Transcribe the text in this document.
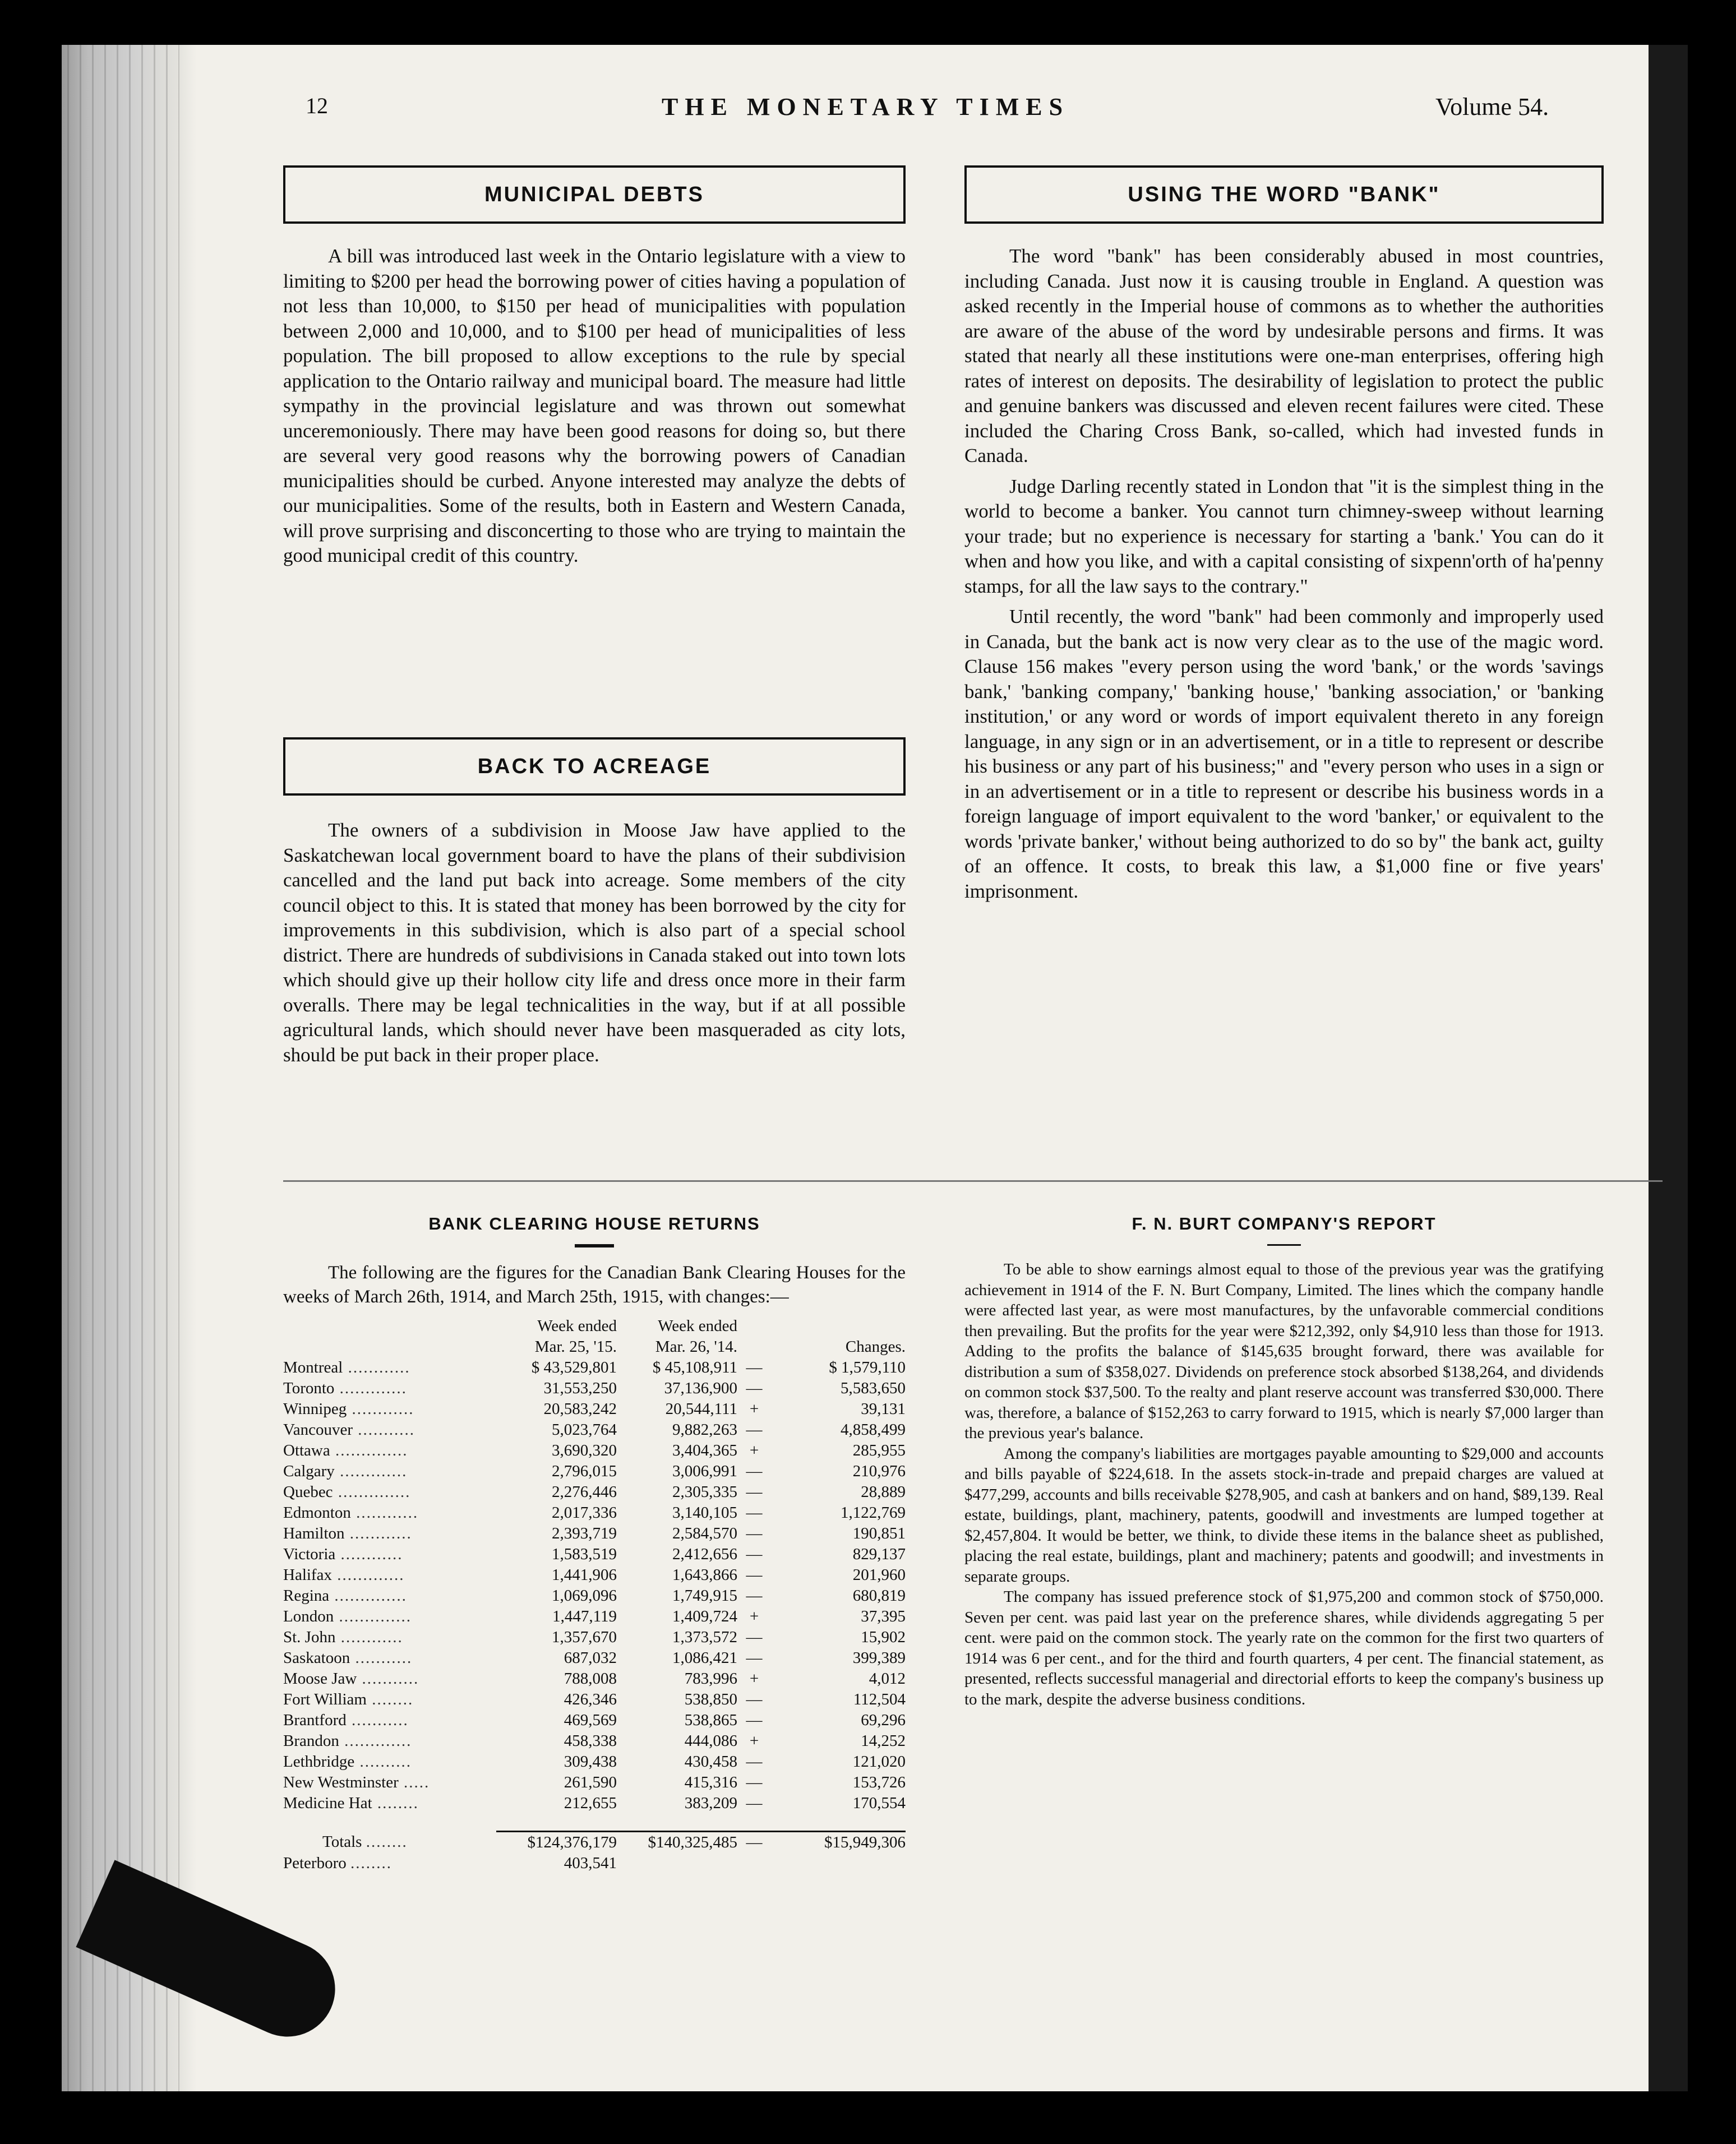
12	THE MONETARY TIMES	Volume 54.
MUNICIPAL DEBTS

A bill was introduced last week in the Ontario legislature with a view to limiting to $200 per head the borrowing power of cities having a population of not less than 10,000, to $150 per head of municipalities with population between 2,000 and 10,000, and to $100 per head of municipalities of less population. The bill proposed to allow exceptions to the rule by special application to the Ontario railway and municipal board. The measure had little sympathy in the provincial legislature and was thrown out somewhat unceremoniously. There may have been good reasons for doing so, but there are several very good reasons why the borrowing powers of Canadian municipalities should be curbed. Anyone interested may analyze the debts of our municipalities. Some of the results, both in Eastern and Western Canada, will prove surprising and disconcerting to those who are trying to maintain the good municipal credit of this country.

BACK TO ACREAGE

The owners of a subdivision in Moose Jaw have applied to the Saskatchewan local government board to have the plans of their subdivision cancelled and the land put back into acreage. Some members of the city council object to this. It is stated that money has been borrowed by the city for improvements in this subdivision, which is also part of a special school district. There are hundreds of subdivisions in Canada staked out into town lots which should give up their hollow city life and dress once more in their farm overalls. There may be legal technicalities in the way, but if at all possible agricultural lands, which should never have been masqueraded as city lots, should be put back in their proper place.

USING THE WORD "BANK"

The word "bank" has been considerably abused in most countries, including Canada. Just now it is causing trouble in England. A question was asked recently in the Imperial house of commons as to whether the authorities are aware of the abuse of the word by undesirable persons and firms. It was stated that nearly all these institutions were one-man enterprises, offering high rates of interest on deposits. The desirability of legislation to protect the public and genuine bankers was discussed and eleven recent failures were cited. These included the Charing Cross Bank, so-called, which had invested funds in Canada.

Judge Darling recently stated in London that "it is the simplest thing in the world to become a banker. You cannot turn chimney-sweep without learning your trade; but no experience is necessary for starting a 'bank.' You can do it when and how you like, and with a capital consisting of sixpenn'orth of ha'penny stamps, for all the law says to the contrary."

Until recently, the word "bank" had been commonly and improperly used in Canada, but the bank act is now very clear as to the use of the magic word. Clause 156 makes "every person using the word 'bank,' or the words 'savings bank,' 'banking company,' 'banking house,' 'banking association,' or 'banking institution,' or any word or words of import equivalent thereto in any foreign language, in any sign or in an advertisement, or in a title to represent or describe his business or any part of his business;" and "every person who uses in a sign or in an advertisement or in a title to represent or describe his business words in a foreign language of import equivalent to the word 'banker,' or equivalent to the words 'private banker,' without being authorized to do so by" the bank act, guilty of an offence. It costs, to break this law, a $1,000 fine or five years' imprisonment.

BANK CLEARING HOUSE RETURNS

The following are the figures for the Canadian Bank Clearing Houses for the weeks of March 26th, 1914, and March 25th, 1915, with changes:—

	Week ended	Week ended		
	Mar. 25, '15.	Mar. 26, '14.		Changes.
Montreal ............	$ 43,529,801	$ 45,108,911	—	$ 1,579,110
Toronto .............	31,553,250	37,136,900	—	5,583,650
Winnipeg ............	20,583,242	20,544,111	+	39,131
Vancouver ...........	5,023,764	9,882,263	—	4,858,499
Ottawa ..............	3,690,320	3,404,365	+	285,955
Calgary .............	2,796,015	3,006,991	—	210,976
Quebec ..............	2,276,446	2,305,335	—	28,889
Edmonton ............	2,017,336	3,140,105	—	1,122,769
Hamilton ............	2,393,719	2,584,570	—	190,851
Victoria ............	1,583,519	2,412,656	—	829,137
Halifax .............	1,441,906	1,643,866	—	201,960
Regina ..............	1,069,096	1,749,915	—	680,819
London ..............	1,447,119	1,409,724	+	37,395
St. John ............	1,357,670	1,373,572	—	15,902
Saskatoon ...........	687,032	1,086,421	—	399,389
Moose Jaw ...........	788,008	783,996	+	4,012
Fort William ........	426,346	538,850	—	112,504
Brantford ...........	469,569	538,865	—	69,296
Brandon .............	458,338	444,086	+	14,252
Lethbridge ..........	309,438	430,458	—	121,020
New Westminster .....	261,590	415,316	—	153,726
Medicine Hat ........	212,655	383,209	—	170,554

Totals ........	$124,376,179	$140,325,485	—	$15,949,306
Peterboro ........	403,541			
F. N. BURT COMPANY'S REPORT

To be able to show earnings almost equal to those of the previous year was the gratifying achievement in 1914 of the F. N. Burt Company, Limited. The lines which the company handle were affected last year, as were most manufactures, by the unfavorable commercial conditions then prevailing. But the profits for the year were $212,392, only $4,910 less than those for 1913. Adding to the profits the balance of $145,635 brought forward, there was available for distribution a sum of $358,027. Dividends on preference stock absorbed $138,264, and dividends on common stock $37,500. To the realty and plant reserve account was transferred $30,000. There was, therefore, a balance of $152,263 to carry forward to 1915, which is nearly $7,000 larger than the previous year's balance.

Among the company's liabilities are mortgages payable amounting to $29,000 and accounts and bills payable of $224,618. In the assets stock-in-trade and prepaid charges are valued at $477,299, accounts and bills receivable $278,905, and cash at bankers and on hand, $89,139. Real estate, buildings, plant, machinery, patents, goodwill and investments are lumped together at $2,457,804. It would be better, we think, to divide these items in the balance sheet as published, placing the real estate, buildings, plant and machinery; patents and goodwill; and investments in separate groups.

The company has issued preference stock of $1,975,200 and common stock of $750,000. Seven per cent. was paid last year on the preference shares, while dividends aggregating 5 per cent. were paid on the common stock. The yearly rate on the common for the first two quarters of 1914 was 6 per cent., and for the third and fourth quarters, 4 per cent. The financial statement, as presented, reflects successful managerial and directorial efforts to keep the company's business up to the mark, despite the adverse business conditions.
